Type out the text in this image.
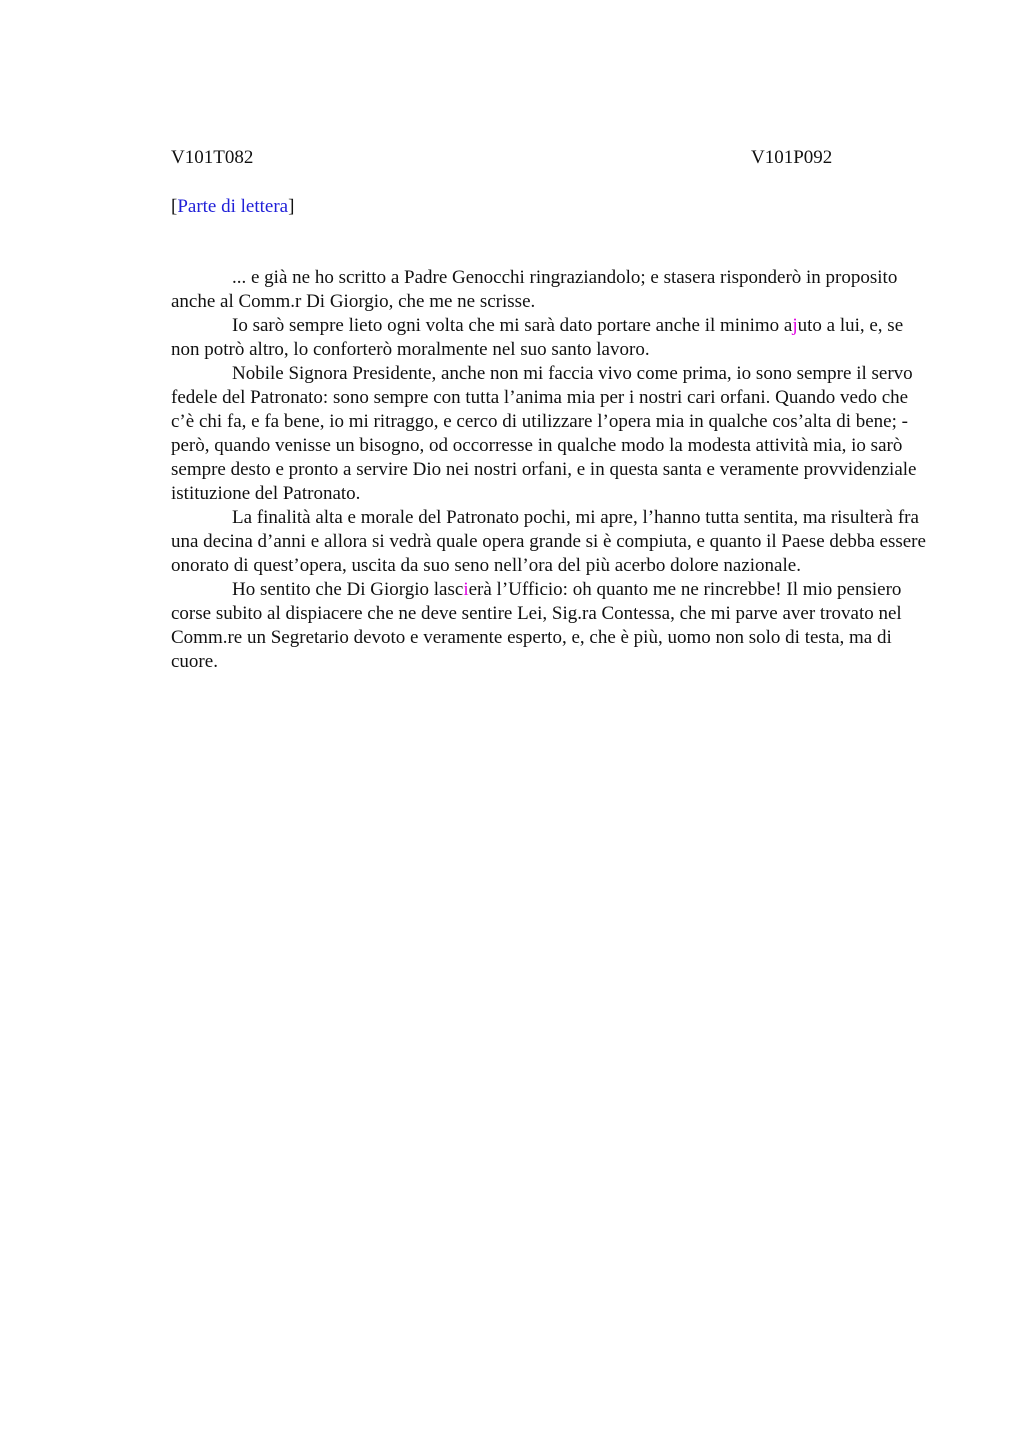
V101T082	V101P092
[Parte di lettera]

... e già ne ho scritto a Padre Genocchi ringraziandolo; e stasera risponderò in proposito anche al Comm.r Di Giorgio, che me ne scrisse.

Io sarò sempre lieto ogni volta che mi sarà dato portare anche il minimo ajuto a lui, e, se non potrò altro, lo conforterò moralmente nel suo santo lavoro.

Nobile Signora Presidente, anche non mi faccia vivo come prima, io sono sempre il servo fedele del Patronato: sono sempre con tutta l’anima mia per i nostri cari orfani. Quando vedo che c’è chi fa, e fa bene, io mi ritraggo, e cerco di utilizzare l’opera mia in qualche cos’alta di bene; - però, quando venisse un bisogno, od occorresse in qualche modo la modesta attività mia, io sarò sempre desto e pronto a servire Dio nei nostri orfani, e in questa santa e veramente provvidenziale istituzione del Patronato.

La finalità alta e morale del Patronato pochi, mi apre, l’hanno tutta sentita, ma risulterà fra una decina d’anni e allora si vedrà quale opera grande si è compiuta, e quanto il Paese debba essere onorato di quest’opera, uscita da suo seno nell’ora del più acerbo dolore nazionale.

Ho sentito che Di Giorgio lascierà l’Ufficio: oh quanto me ne rincrebbe! Il mio pensiero corse subito al dispiacere che ne deve sentire Lei, Sig.ra Contessa, che mi parve aver trovato nel Comm.re un Segretario devoto e veramente esperto, e, che è più, uomo non solo di testa, ma di cuore.
